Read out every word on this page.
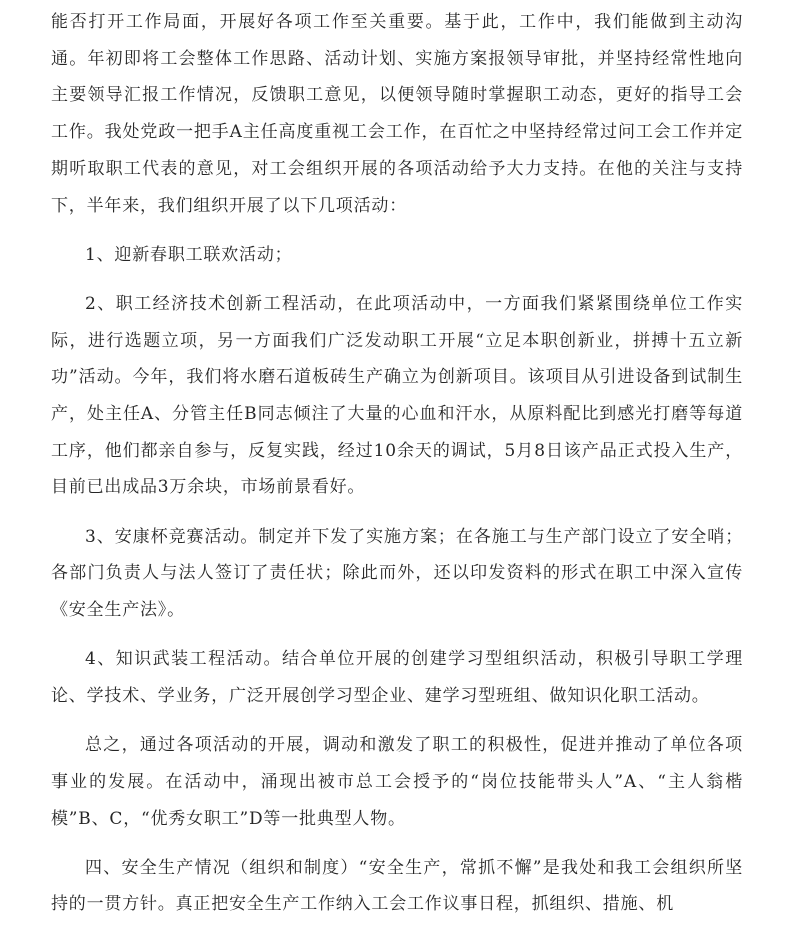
能否打开工作局面，开展好各项工作至关重要。基于此，工作中，我们能做到主动沟通。年初即将工会整体工作思路、活动计划、实施方案报领导审批，并坚持经常性地向主要领导汇报工作情况，反馈职工意见，以便领导随时掌握职工动态，更好的指导工会工作。我处党政一把手A主任高度重视工会工作，在百忙之中坚持经常过问工会工作并定期听取职工代表的意见，对工会组织开展的各项活动给予大力支持。在他的关注与支持下，半年来，我们组织开展了以下几项活动：

1、迎新春职工联欢活动；

2、职工经济技术创新工程活动，在此项活动中，一方面我们紧紧围绕单位工作实际，进行选题立项，另一方面我们广泛发动职工开展“立足本职创新业，拼搏十五立新功”活动。今年，我们将水磨石道板砖生产确立为创新项目。该项目从引进设备到试制生产，处主任A、分管主任B同志倾注了大量的心血和汗水，从原料配比到感光打磨等每道工序，他们都亲自参与，反复实践，经过10余天的调试，5月8日该产品正式投入生产，目前已出成品3万余块，市场前景看好。

3、安康杯竞赛活动。制定并下发了实施方案；在各施工与生产部门设立了安全哨；各部门负责人与法人签订了责任状；除此而外，还以印发资料的形式在职工中深入宣传《安全生产法》。

4、知识武装工程活动。结合单位开展的创建学习型组织活动，积极引导职工学理论、学技术、学业务，广泛开展创学习型企业、建学习型班组、做知识化职工活动。

总之，通过各项活动的开展，调动和激发了职工的积极性，促进并推动了单位各项事业的发展。在活动中，涌现出被市总工会授予的“岗位技能带头人”A、“主人翁楷模”B、C，“优秀女职工”D等一批典型人物。

四、安全生产情况（组织和制度）“安全生产，常抓不懈”是我处和我工会组织所坚持的一贯方针。真正把安全生产工作纳入工会工作议事日程，抓组织、措施、机
